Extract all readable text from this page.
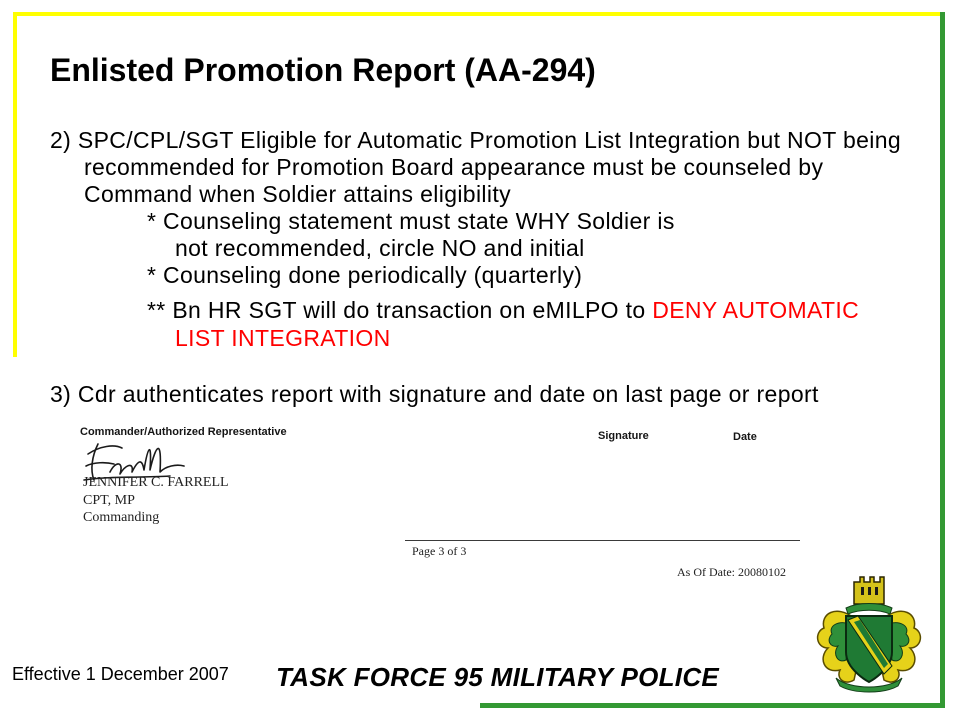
Enlisted Promotion Report (AA-294)
2) SPC/CPL/SGT Eligible for Automatic Promotion List Integration but NOT being
recommended for Promotion Board appearance must be counseled by
Command when Soldier attains eligibility
* Counseling statement must state WHY Soldier is
not recommended, circle NO and initial
* Counseling done periodically (quarterly)
** Bn HR SGT will do transaction on eMILPO to DENY AUTOMATIC
LIST INTEGRATION
3) Cdr authenticates report with signature and date on last page or report
Commander/Authorized Representative	Signature	Date
JENNIFER C. FARRELL
CPT, MP
Commanding
Page 3 of 3
As Of Date: 20080102
Effective 1 December 2007 TASK FORCE 95 MILITARY POLICE
